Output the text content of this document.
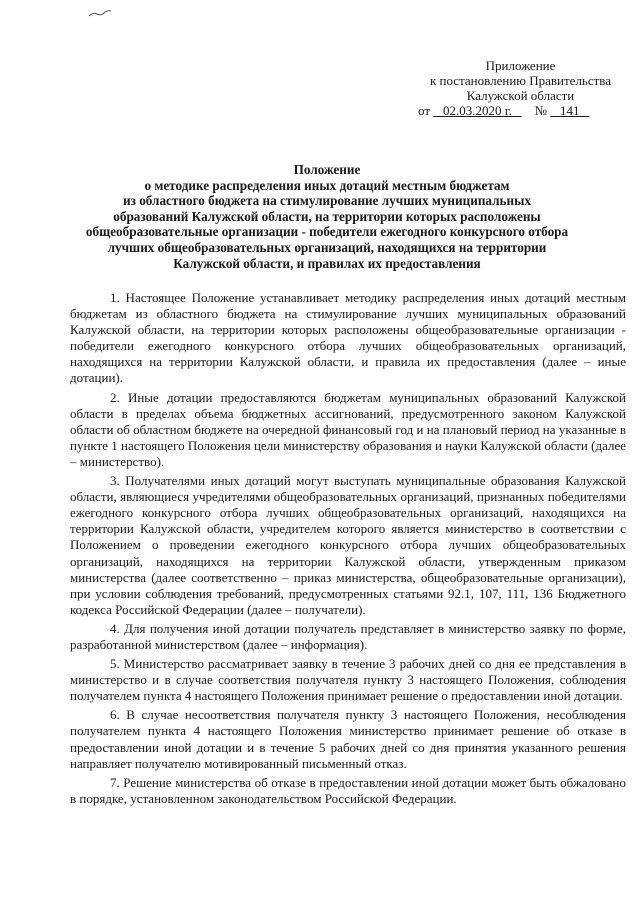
Приложение
к постановлению Правительства
Калужской области
от 02.03.2020 г. № 141
Положение
о методике распределения иных дотаций местным бюджетам
из областного бюджета на стимулирование лучших муниципальных
образований Калужской области, на территории которых расположены
общеобразовательные организации - победители ежегодного конкурсного отбора
лучших общеобразовательных организаций, находящихся на территории
Калужской области, и правилах их предоставления

1. Настоящее Положение устанавливает методику распределения иных дотаций местным бюджетам из областного бюджета на стимулирование лучших муниципальных образований Калужской области, на территории которых расположены общеобразовательные организации - победители ежегодного конкурсного отбора лучших общеобразовательных организаций, находящихся на территории Калужской области, и правила их предоставления (далее – иные дотации).

2. Иные дотации предоставляются бюджетам муниципальных образований Калужской области в пределах объема бюджетных ассигнований, предусмотренного законом Калужской области об областном бюджете на очередной финансовый год и на плановый период на указанные в пункте 1 настоящего Положения цели министерству образования и науки Калужской области (далее – министерство).

3. Получателями иных дотаций могут выступать муниципальные образования Калужской области, являющиеся учредителями общеобразовательных организаций, признанных победителями ежегодного конкурсного отбора лучших общеобразовательных организаций, находящихся на территории Калужской области, учредителем которого является министерство в соответствии с Положением о проведении ежегодного конкурсного отбора лучших общеобразовательных организаций, находящихся на территории Калужской области, утвержденным приказом министерства (далее соответственно – приказ министерства, общеобразовательные организации), при условии соблюдения требований, предусмотренных статьями 92.1, 107, 111, 136 Бюджетного кодекса Российской Федерации (далее – получатели).

4. Для получения иной дотации получатель представляет в министерство заявку по форме, разработанной министерством (далее – информация).

5. Министерство рассматривает заявку в течение 3 рабочих дней со дня ее представления в министерство и в случае соответствия получателя пункту 3 настоящего Положения, соблюдения получателем пункта 4 настоящего Положения принимает решение о предоставлении иной дотации.

6. В случае несоответствия получателя пункту 3 настоящего Положения, несоблюдения получателем пункта 4 настоящего Положения министерство принимает решение об отказе в предоставлении иной дотации и в течение 5 рабочих дней со дня принятия указанного решения направляет получателю мотивированный письменный отказ.

7. Решение министерства об отказе в предоставлении иной дотации может быть обжаловано в порядке, установленном законодательством Российской Федерации.
